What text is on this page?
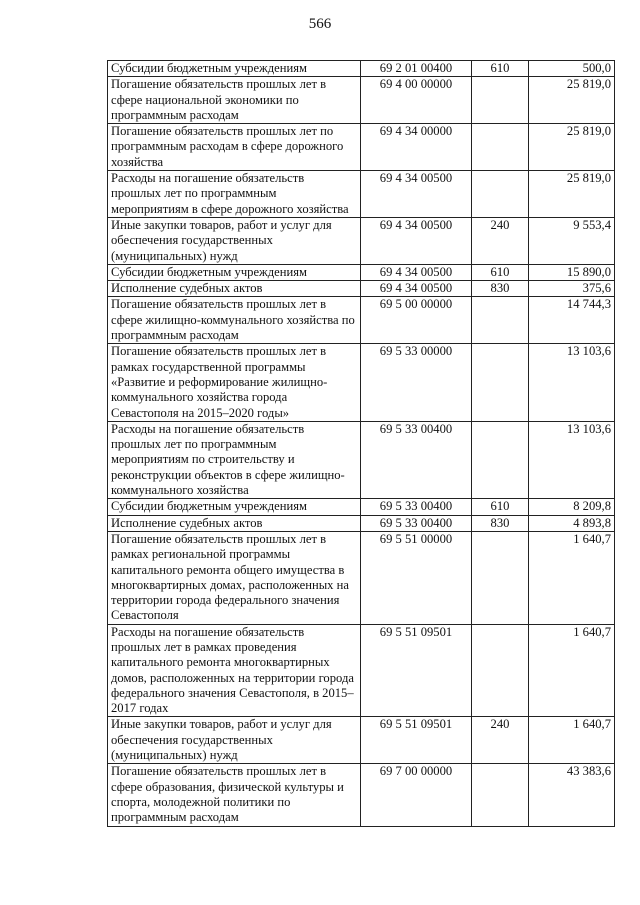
566
Субсидии бюджетным учреждениям	69 2 01 00400	610	500,0
Погашение обязательств прошлых лет в сфере национальной экономики по программным расходам	69 4 00 00000		25 819,0
Погашение обязательств прошлых лет по программным расходам в сфере дорожного хозяйства	69 4 34 00000		25 819,0
Расходы на погашение обязательств прошлых лет по программным мероприятиям в сфере дорожного хозяйства	69 4 34 00500		25 819,0
Иные закупки товаров, работ и услуг для обеспечения государственных (муниципальных) нужд	69 4 34 00500	240	9 553,4
Субсидии бюджетным учреждениям	69 4 34 00500	610	15 890,0
Исполнение судебных актов	69 4 34 00500	830	375,6
Погашение обязательств прошлых лет в сфере жилищно-коммунального хозяйства по программным расходам	69 5 00 00000		14 744,3
Погашение обязательств прошлых лет в рамках государственной программы «Развитие и реформирование жилищно-коммунального хозяйства города Севастополя на 2015–2020 годы»	69 5 33 00000		13 103,6
Расходы на погашение обязательств прошлых лет по программным мероприятиям по строительству и реконструкции объектов в сфере жилищно-коммунального хозяйства	69 5 33 00400		13 103,6
Субсидии бюджетным учреждениям	69 5 33 00400	610	8 209,8
Исполнение судебных актов	69 5 33 00400	830	4 893,8
Погашение обязательств прошлых лет в рамках региональной программы капитального ремонта общего имущества в многоквартирных домах, расположенных на территории города федерального значения Севастополя	69 5 51 00000		1 640,7
Расходы на погашение обязательств прошлых лет в рамках проведения капитального ремонта многоквартирных домов, расположенных на территории города федерального значения Севастополя, в 2015–2017 годах	69 5 51 09501		1 640,7
Иные закупки товаров, работ и услуг для обеспечения государственных (муниципальных) нужд	69 5 51 09501	240	1 640,7
Погашение обязательств прошлых лет в сфере образования, физической культуры и спорта, молодежной политики по программным расходам	69 7 00 00000		43 383,6
